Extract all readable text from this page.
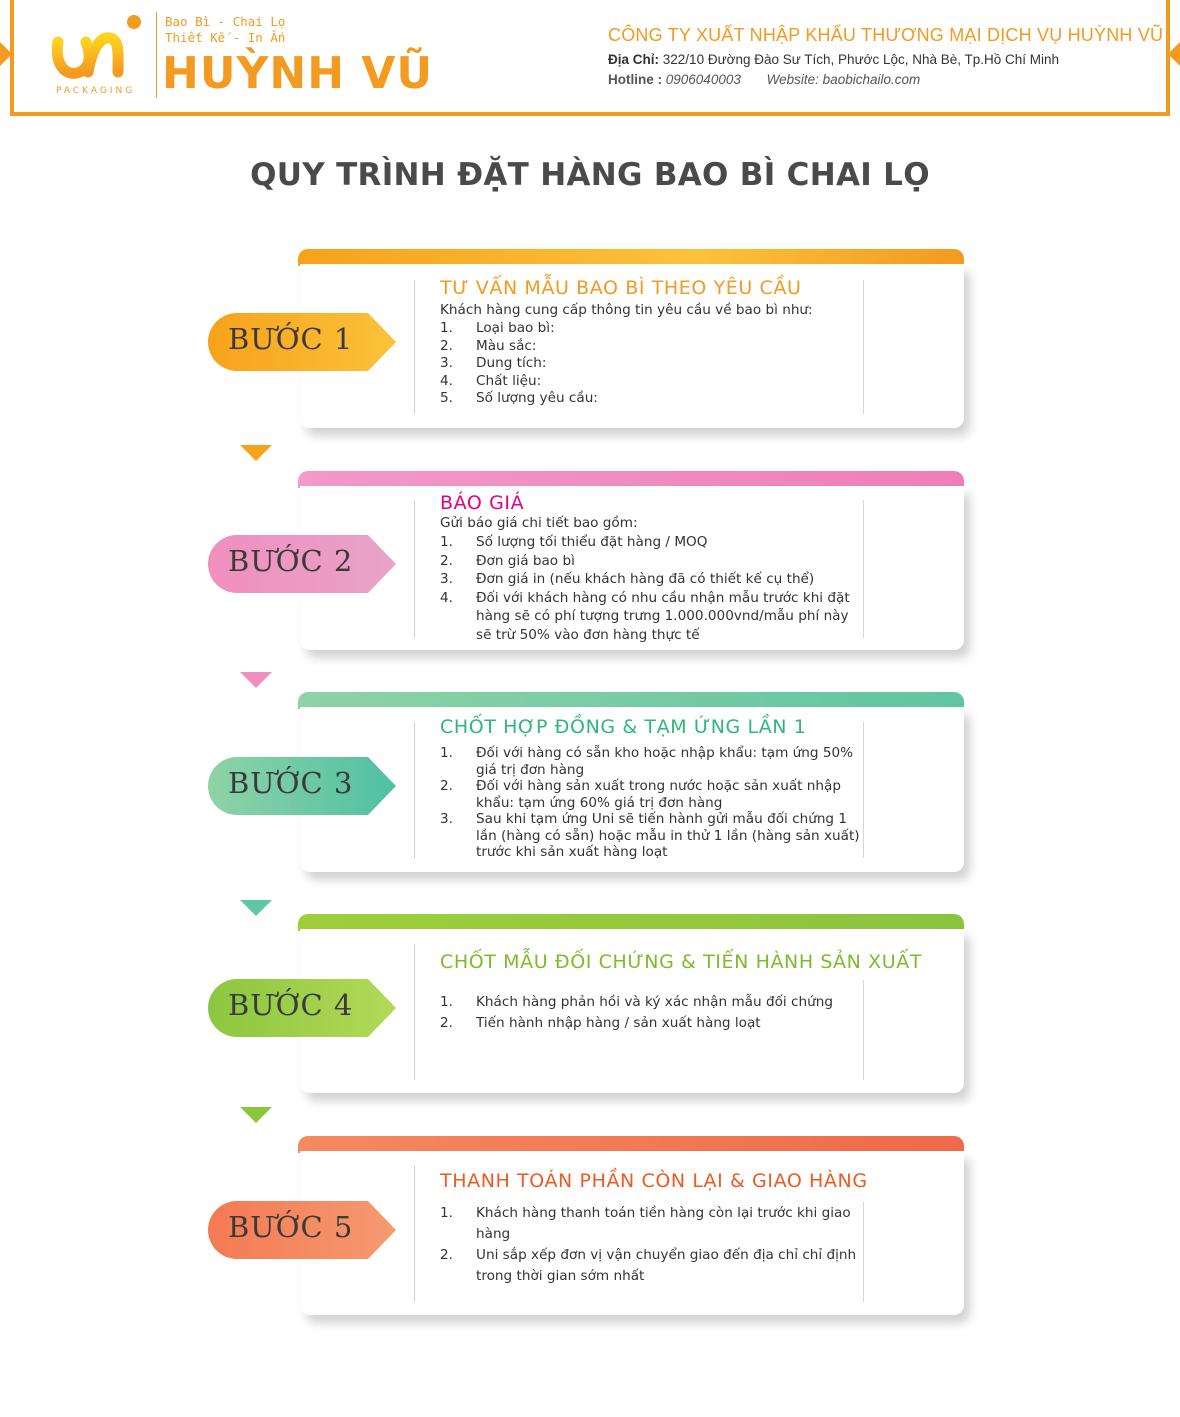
PACKAGING
Bao Bì - Chai Lọ
Thiết Kế - In Ấn
HUỲNH VŨ
CÔNG TY XUẤT NHẬP KHẨU THƯƠNG MẠI DỊCH VỤ HUỲNH VŨ
Địa Chỉ: 322/10 Đường Đào Sư Tích, Phước Lộc, Nhà Bè, Tp.Hồ Chí Minh
Hotline : 0906040003 Website: baobichailo.com
QUY TRÌNH ĐẶT HÀNG BAO BÌ CHAI LỌ
BƯỚC 1
TƯ VẤN MẪU BAO BÌ THEO YÊU CẦU
Khách hàng cung cấp thông tin yêu cầu về bao bì như:
1. Loại bao bì:
2. Màu sắc:
3. Dung tích:
4. Chất liệu:
5. Số lượng yêu cầu:
BƯỚC 2
BÁO GIÁ
Gửi báo giá chi tiết bao gồm:
1. Số lượng tối thiểu đặt hàng / MOQ
2. Đơn giá bao bì
3. Đơn giá in (nếu khách hàng đã có thiết kế cụ thể)
4. Đối với khách hàng có nhu cầu nhận mẫu trước khi đặt hàng sẽ có phí tượng trưng 1.000.000vnd/mẫu phí này sẽ trừ 50% vào đơn hàng thực tế
BƯỚC 3
CHỐT HỢP ĐỒNG & TẠM ỨNG LẦN 1
1. Đối với hàng có sẵn kho hoặc nhập khẩu: tạm ứng 50% giá trị đơn hàng
2. Đối với hàng sản xuất trong nước hoặc sản xuất nhập khẩu: tạm ứng 60% giá trị đơn hàng
3. Sau khi tạm ứng Uni sẽ tiến hành gửi mẫu đối chứng 1 lần (hàng có sẵn) hoặc mẫu in thử 1 lần (hàng sản xuất) trước khi sản xuất hàng loạt
BƯỚC 4
CHỐT MẪU ĐỐI CHỨNG & TIẾN HÀNH SẢN XUẤT
1. Khách hàng phản hồi và ký xác nhận mẫu đối chứng
2. Tiến hành nhập hàng / sản xuất hàng loạt
BƯỚC 5
THANH TOÁN PHẦN CÒN LẠI & GIAO HÀNG
1. Khách hàng thanh toán tiền hàng còn lại trước khi giao hàng
2. Uni sắp xếp đơn vị vận chuyển giao đến địa chỉ chỉ định trong thời gian sớm nhất
